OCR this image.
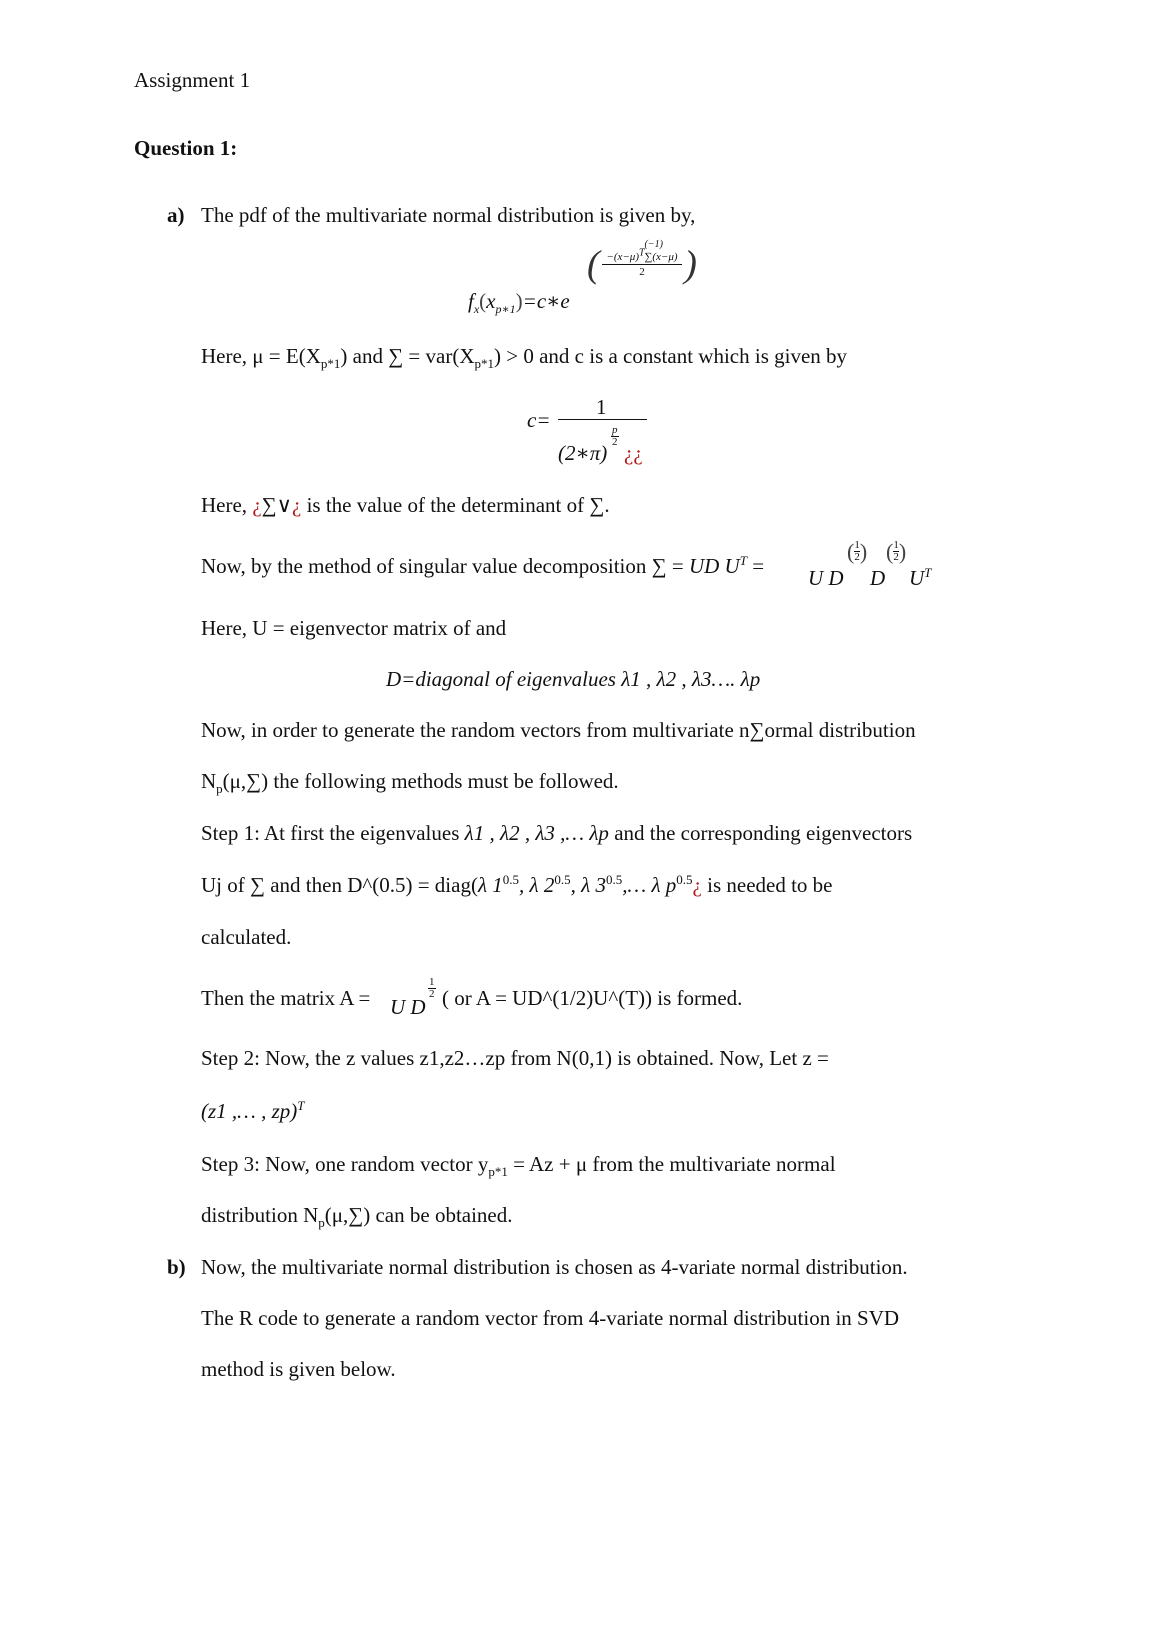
Assignment 1
Question 1:
a) The pdf of the multivariate normal distribution is given by,
$f_x(x_{p∗1})=c∗e$
( $-(x-\mu)^T$
(−1)
∑(x−μ)
2 )
Here, $\mu = E(X_{p*1})$ and ∑ = $var(X_{p*1}) > 0$ and c is a constant which is given by
c=
1
(2∗π)
$\frac{p}{2}$
¿¿
Here, ¿∑∨¿ is the value of the determinant of ∑.
Now, by the method of singular value decomposition ∑ = UD $U^T = U$ D
( $\frac{1}{2}$ )
D
( $\frac{1}{2}$ )
$U^T$
Here, U = eigenvector matrix of and
D=diagonal of eigenvalues λ1 , λ2 , λ3…. λp
Now, in order to generate the random vectors from multivariate n∑ormal distribution
$N_p(\mu,\sum)$ the following methods must be followed.
Step 1: At first the eigenvalues λ1 , λ2 , λ3 ,… λp and the corresponding eigenvectors
Uj of ∑ and then D^(0.5) = diag(λ $1^{0.5}$, λ $2^{0.5}$, λ $3^{0.5},\dots$ λ $p^{0.5}¿$ is needed to be
calculated.
Then the matrix A = U D
$\frac{1}{2}$ ( or A = UD^(1/2)U^(T)) is formed.
Step 2: Now, the z values z1,z2…zp from N(0,1) is obtained. Now, Let z =
(z1 ,… , zp)$^T$
Step 3: Now, one random vector $y_{p*1} = Az + \mu$ from the multivariate normal
distribution $N_p(\mu,\sum)$ can be obtained.
b) Now, the multivariate normal distribution is chosen as 4-variate normal distribution.
The R code to generate a random vector from 4-variate normal distribution in SVD
method is given below.
